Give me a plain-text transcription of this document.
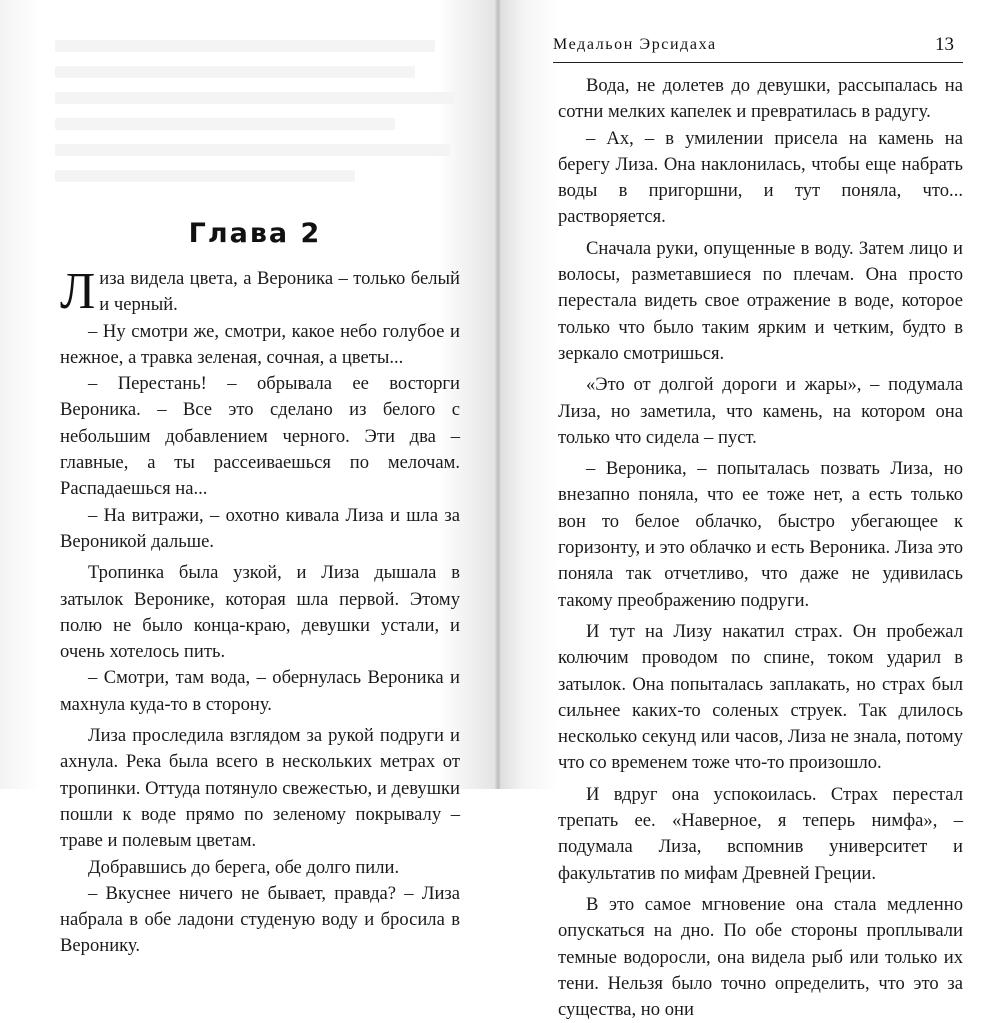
Глава 2

Лиза видела цвета, а Вероника – только белый и черный.

– Ну смотри же, смотри, какое небо голубое и нежное, а травка зеленая, сочная, а цветы...

– Перестань! – обрывала ее восторги Вероника. – Все это сделано из белого с небольшим добавлением черного. Эти два – главные, а ты рассеиваешься по мелочам. Распадаешься на...

– На витражи, – охотно кивала Лиза и шла за Вероникой дальше.

Тропинка была узкой, и Лиза дышала в затылок Веронике, которая шла первой. Этому полю не было конца-краю, девушки устали, и очень хотелось пить.

– Смотри, там вода, – обернулась Вероника и махнула куда-то в сторону.

Лиза проследила взглядом за рукой подруги и ахнула. Река была всего в нескольких метрах от тропинки. Оттуда потянуло свежестью, и девушки пошли к воде прямо по зеленому покрывалу – траве и полевым цветам.

Добравшись до берега, обе долго пили.

– Вкуснее ничего не бывает, правда? – Лиза набрала в обе ладони студеную воду и бросила в Веронику.

Медальон Эрсидаха	13

Вода, не долетев до девушки, рассыпалась на сотни мелких капелек и превратилась в радугу.

– Ах, – в умилении присела на камень на берегу Лиза. Она наклонилась, чтобы еще набрать воды в пригоршни, и тут поняла, что... растворяется.

Сначала руки, опущенные в воду. Затем лицо и волосы, разметавшиеся по плечам. Она просто перестала видеть свое отражение в воде, которое только что было таким ярким и четким, будто в зеркало смотришься.

«Это от долгой дороги и жары», – подумала Лиза, но заметила, что камень, на котором она только что сидела – пуст.

– Вероника, – попыталась позвать Лиза, но внезапно поняла, что ее тоже нет, а есть только вон то белое облачко, быстро убегающее к горизонту, и это облачко и есть Вероника. Лиза это поняла так отчетливо, что даже не удивилась такому преображению подруги.

И тут на Лизу накатил страх. Он пробежал колючим проводом по спине, током ударил в затылок. Она попыталась заплакать, но страх был сильнее каких-то соленых струек. Так длилось несколько секунд или часов, Лиза не знала, потому что со временем тоже что-то произошло.

И вдруг она успокоилась. Страх перестал трепать ее. «Наверное, я теперь нимфа», – подумала Лиза, вспомнив университет и факультатив по мифам Древней Греции.

В это самое мгновение она стала медленно опускаться на дно. По обе стороны проплывали темные водоросли, она видела рыб или только их тени. Нельзя было точно определить, что это за существа, но они
